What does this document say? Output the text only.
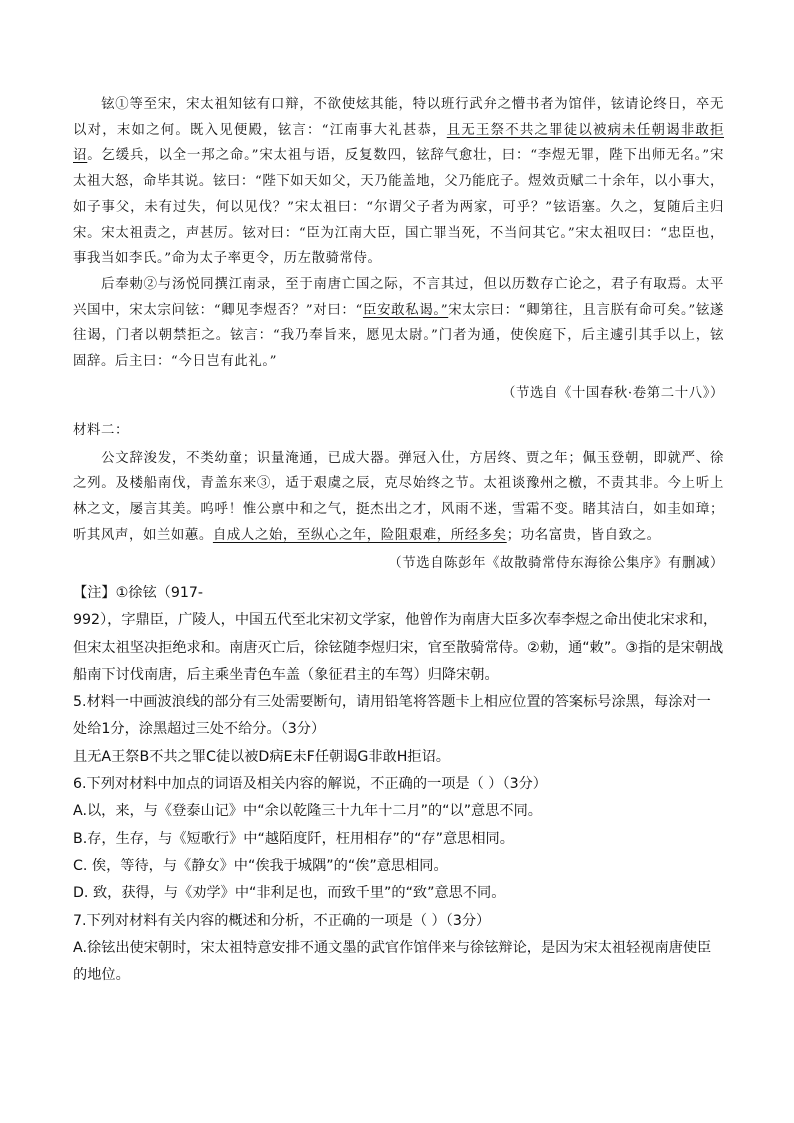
铉①等至宋，宋太祖知铉有口辩，不欲使炫其能，特以班行武弁之懵书者为馆伴，铉请论终日，卒无以对，末如之何。既入见便殿，铉言：“江南事大礼甚恭，且无王祭不共之罪徒以被病未任朝谒非敢拒诏。乞缓兵，以全一邦之命。”宋太祖与语，反复数四，铉辞气愈壮，曰：“李煜无罪，陛下出师无名。”宋太祖大怒，命毕其说。铉曰：“陛下如天如父，天乃能盖地，父乃能庇子。煜效贡赋二十余年，以小事大，如子事父，未有过失，何以见伐？”宋太祖曰：“尔谓父子者为两家，可乎？”铉语塞。久之，复随后主归宋。宋太祖责之，声甚厉。铉对曰：“臣为江南大臣，国亡罪当死，不当问其它。”宋太祖叹曰：“忠臣也，事我当如李氏。”命为太子率更令，历左散骑常侍。

后奉勅②与汤悦同撰江南录，至于南唐亡国之际，不言其过，但以历数存亡论之，君子有取焉。太平兴国中，宋太宗问铉：“卿见李煜否？”对曰：“臣安敢私谒。”宋太宗曰：“卿第往，且言朕有命可矣。”铉遂往谒，门者以朝禁拒之。铉言：“我乃奉旨来，愿见太尉。”门者为通，使俟庭下，后主遽引其手以上，铉固辞。后主曰：“今日岂有此礼。”

（节选自《十国春秋·卷第二十八》）

材料二：

公文辞浚发，不类幼童；识量淹通，已成大器。弹冠入仕，方居终、贾之年；佩玉登朝，即就严、徐之列。及楼船南伐，青盖东来③，适于艰虞之辰，克尽始终之节。太祖谈豫州之檄，不责其非。今上听上林之文，屡言其美。呜呼！惟公禀中和之气，挺杰出之才，风雨不迷，雪霜不变。睹其洁白，如圭如璋；听其风声，如兰如蕙。自成人之始，至纵心之年，险阻艰难，所经多矣；功名富贵，皆自致之。

（节选自陈彭年《故散骑常侍东海徐公集序》有删减）

【注】①徐铉（917-

992），字鼎臣，广陵人，中国五代至北宋初文学家，他曾作为南唐大臣多次奉李煜之命出使北宋求和，但宋太祖坚决拒绝求和。南唐灭亡后，徐铉随李煜归宋，官至散骑常侍。②勅，通“敕”。③指的是宋朝战船南下讨伐南唐，后主乘坐青色车盖（象征君主的车驾）归降宋朝。

5.材料一中画波浪线的部分有三处需要断句，请用铅笔将答题卡上相应位置的答案标号涂黑，每涂对一处给1分，涂黑超过三处不给分。（3分）

且无A王祭B不共之罪C徒以被D病E未F任朝谒G非敢H拒诏。

6.下列对材料中加点的词语及相关内容的解说，不正确的一项是（ ）（3分）

A.以，来，与《登泰山记》中“余以乾隆三十九年十二月”的“以”意思不同。

B.存，生存，与《短歌行》中“越陌度阡，枉用相存”的“存”意思相同。

C. 俟，等待，与《静女》中“俟我于城隅”的“俟”意思相同。

D. 致，获得，与《劝学》中“非利足也，而致千里”的“致”意思不同。

7.下列对材料有关内容的概述和分析，不正确的一项是（ ）（3分）

A.徐铉出使宋朝时，宋太祖特意安排不通文墨的武官作馆伴来与徐铉辩论，是因为宋太祖轻视南唐使臣的地位。
